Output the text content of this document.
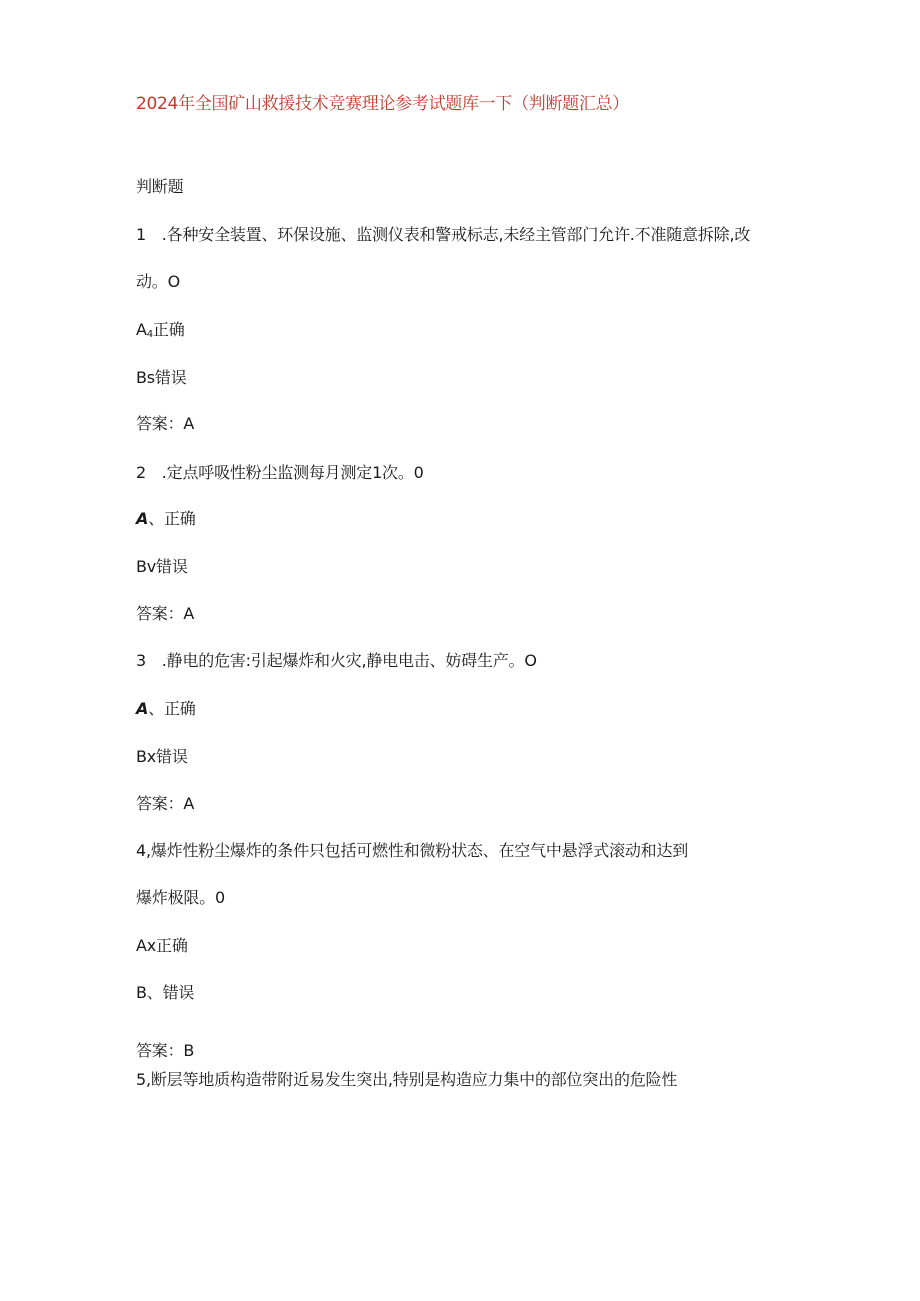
2024年全国矿山救援技术竞赛理论参考试题库一下（判断题汇总）
判断题
1　.各种安全装置、环保设施、监测仪表和警戒标志,未经主管部门允许.不准随意拆除,改
动。O
$A_4$正确
Bs错误
答案：A
2　.定点呼吸性粉尘监测每月测定1次。0
A、正确
Bv错误
答案：A
3　.静电的危害:引起爆炸和火灾,静电电击、妨碍生产。O
A、正确
Bx错误
答案：A
4,爆炸性粉尘爆炸的条件只包括可燃性和微粉状态、在空气中悬浮式滚动和达到
爆炸极限。0
Ax正确
B、错误
答案：B
5,断层等地质构造带附近易发生突出,特别是构造应力集中的部位突出的危险性
